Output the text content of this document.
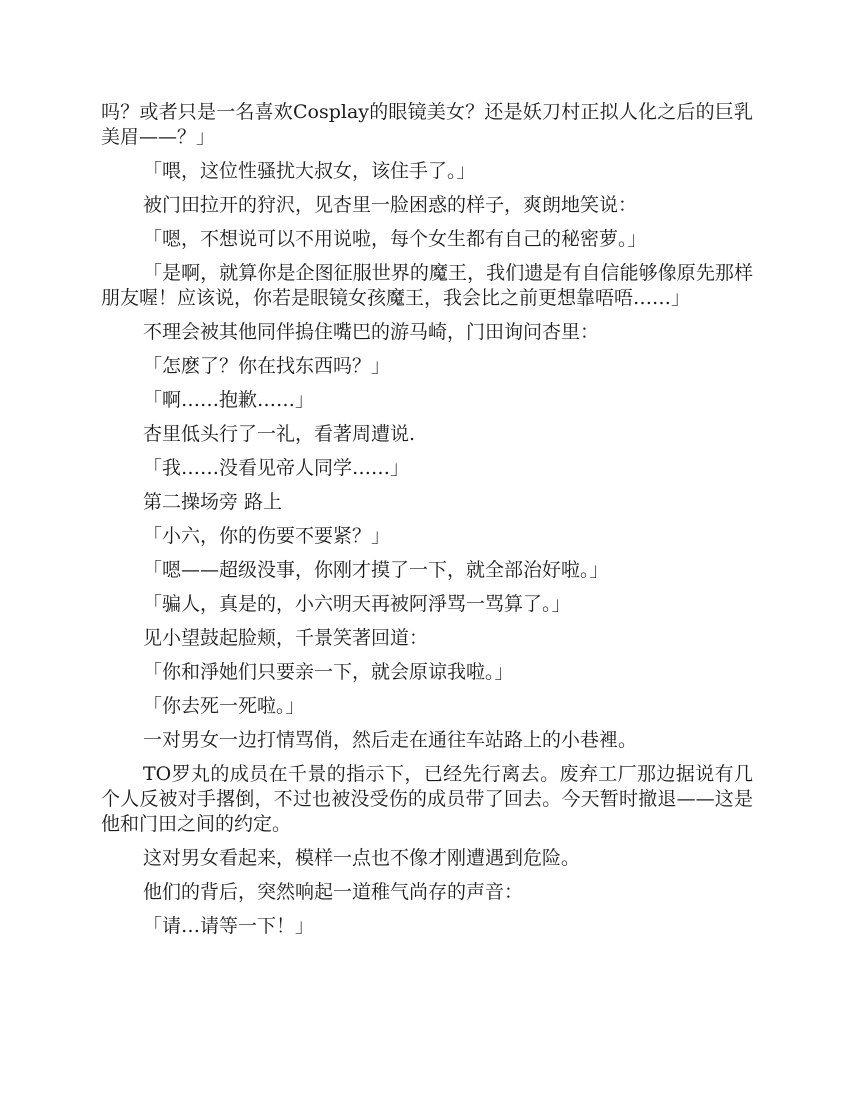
吗？或者只是一名喜欢Cosplay的眼镜美女？还是妖刀村正拟人化之后的巨乳美眉——？」

「喂，这位性骚扰大叔女，该住手了。」

被门田拉开的狩沢，见杏里一脸困惑的样子，爽朗地笑说：

「嗯，不想说可以不用说啦，每个女生都有自己的秘密萝。」

「是啊，就算你是企图征服世界的魔王，我们遗是有自信能够像原先那样　朋友喔！应该说，你若是眼镜女孩魔王，我会比之前更想靠唔唔……」

不理会被其他同伴摀住嘴巴的游马崎，门田询问杏里：

「怎麽了？你在找东西吗？」

「啊……抱歉……」

杏里低头行了一礼，看著周遭说.

「我……没看见帝人同学……」

第二操场旁 路上

「小六，你的伤要不要紧？」

「嗯——超级没事，你刚才摸了一下，就全部治好啦。」

「骗人，真是的，小六明天再被阿淨骂一骂算了。」

见小望鼓起脸颊，千景笑著回道：

「你和淨她们只要亲一下，就会原谅我啦。」

「你去死一死啦。」

一对男女一边打情骂俏，然后走在通往车站路上的小巷裡。

TO罗丸的成员在千景的指示下，已经先行离去。废弃工厂那边据说有几个人反被对手撂倒，不过也被没受伤的成员带了回去。今天暂时撤退——这是他和门田之间的约定。

这对男女看起来，模样一点也不像才刚遭遇到危险。

他们的背后，突然响起一道稚气尚存的声音：

「请…请等一下！」
